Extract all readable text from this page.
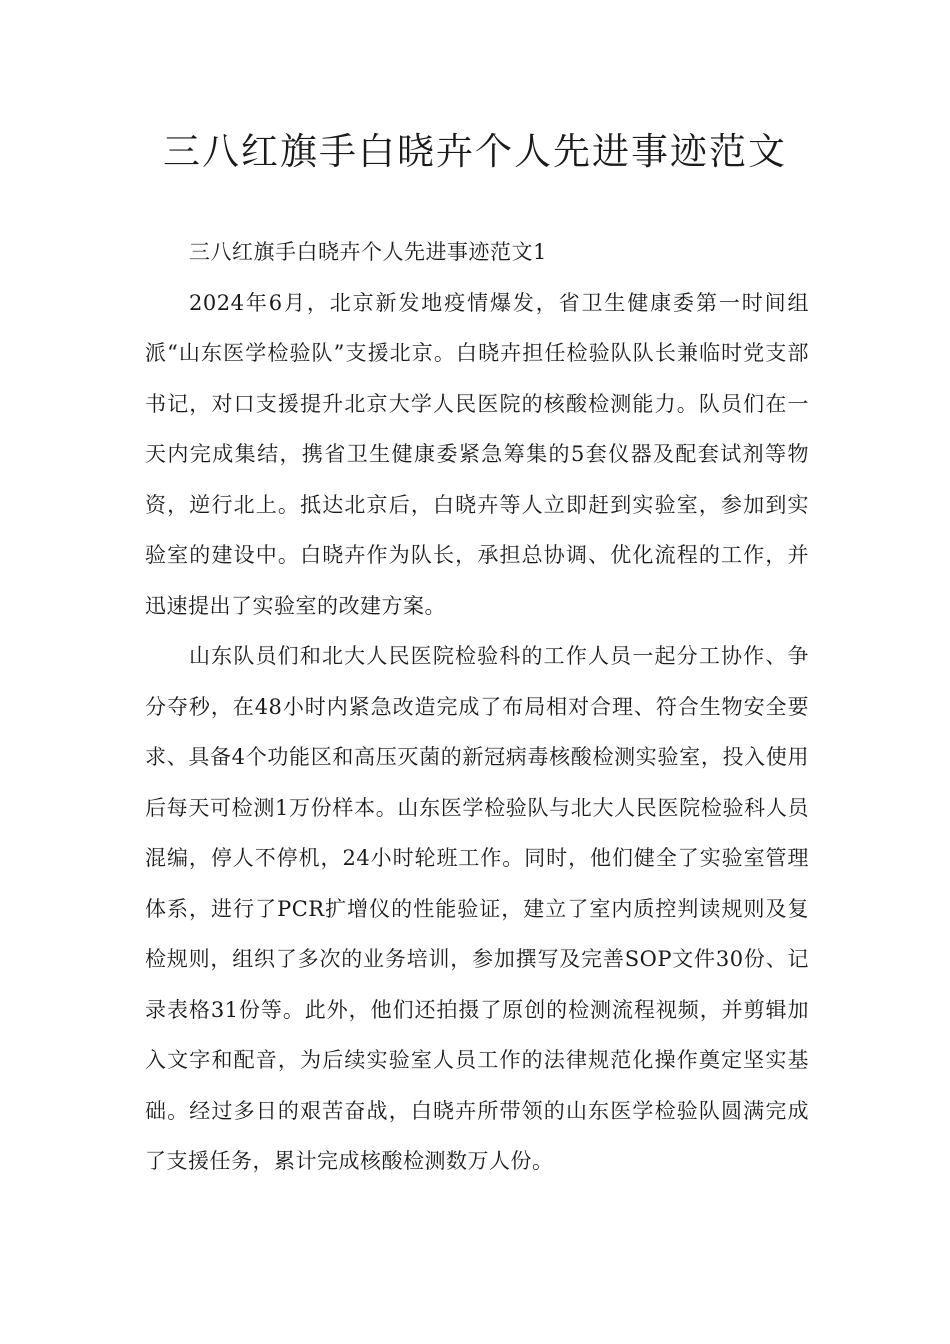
三八红旗手白晓卉个人先进事迹范文

三八红旗手白晓卉个人先进事迹范文1

2024年6月，北京新发地疫情爆发，省卫生健康委第一时间组派“山东医学检验队”支援北京。白晓卉担任检验队队长兼临时党支部书记，对口支援提升北京大学人民医院的核酸检测能力。队员们在一天内完成集结，携省卫生健康委紧急筹集的5套仪器及配套试剂等物资，逆行北上。抵达北京后，白晓卉等人立即赶到实验室，参加到实验室的建设中。白晓卉作为队长，承担总协调、优化流程的工作，并迅速提出了实验室的改建方案。

山东队员们和北大人民医院检验科的工作人员一起分工协作、争分夺秒，在48小时内紧急改造完成了布局相对合理、符合生物安全要求、具备4个功能区和高压灭菌的新冠病毒核酸检测实验室，投入使用后每天可检测1万份样本。山东医学检验队与北大人民医院检验科人员混编，停人不停机，24小时轮班工作。同时，他们健全了实验室管理体系，进行了PCR扩增仪的性能验证，建立了室内质控判读规则及复检规则，组织了多次的业务培训，参加撰写及完善SOP文件30份、记录表格31份等。此外，他们还拍摄了原创的检测流程视频，并剪辑加入文字和配音，为后续实验室人员工作的法律规范化操作奠定坚实基础。经过多日的艰苦奋战，白晓卉所带领的山东医学检验队圆满完成了支援任务，累计完成核酸检测数万人份。
